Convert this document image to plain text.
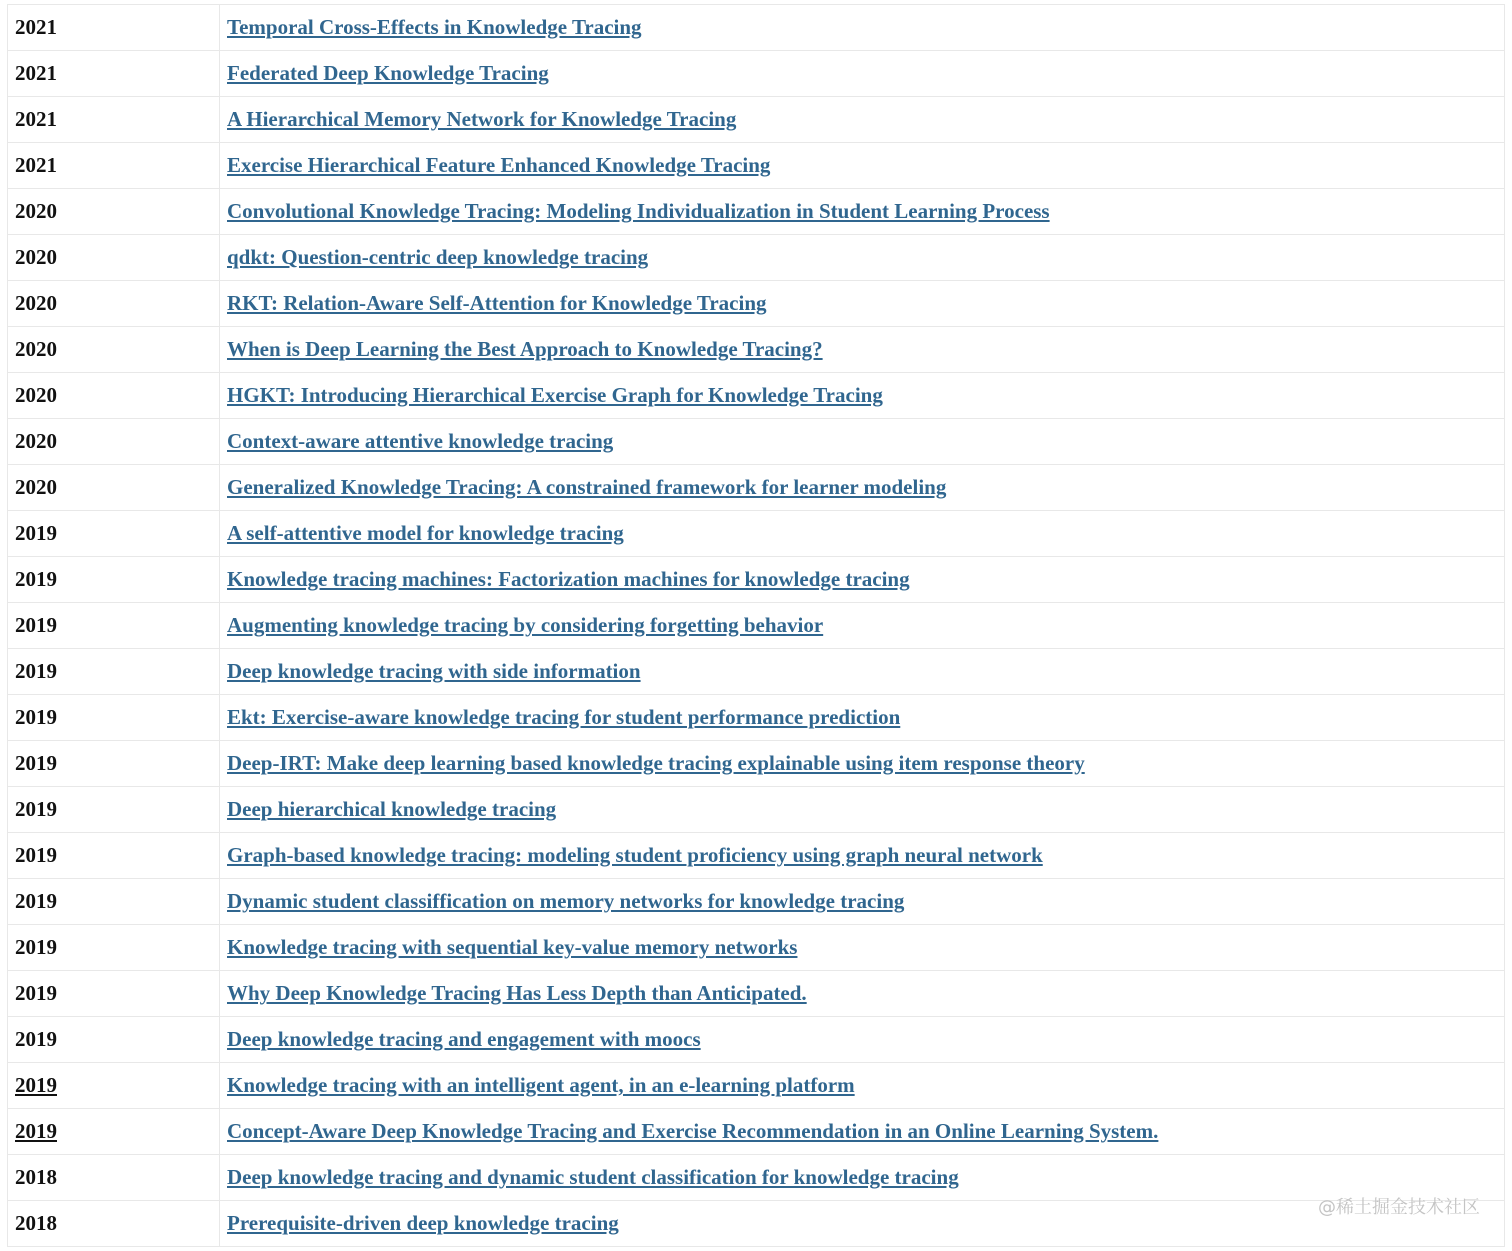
2021	Temporal Cross-Effects in Knowledge Tracing
2021	Federated Deep Knowledge Tracing
2021	A Hierarchical Memory Network for Knowledge Tracing
2021	Exercise Hierarchical Feature Enhanced Knowledge Tracing
2020	Convolutional Knowledge Tracing: Modeling Individualization in Student Learning Process
2020	qdkt: Question-centric deep knowledge tracing
2020	RKT: Relation-Aware Self-Attention for Knowledge Tracing
2020	When is Deep Learning the Best Approach to Knowledge Tracing?
2020	HGKT: Introducing Hierarchical Exercise Graph for Knowledge Tracing
2020	Context-aware attentive knowledge tracing
2020	Generalized Knowledge Tracing: A constrained framework for learner modeling
2019	A self-attentive model for knowledge tracing
2019	Knowledge tracing machines: Factorization machines for knowledge tracing
2019	Augmenting knowledge tracing by considering forgetting behavior
2019	Deep knowledge tracing with side information
2019	Ekt: Exercise-aware knowledge tracing for student performance prediction
2019	Deep-IRT: Make deep learning based knowledge tracing explainable using item response theory
2019	Deep hierarchical knowledge tracing
2019	Graph-based knowledge tracing: modeling student proficiency using graph neural network
2019	Dynamic student classiffication on memory networks for knowledge tracing
2019	Knowledge tracing with sequential key-value memory networks
2019	Why Deep Knowledge Tracing Has Less Depth than Anticipated.
2019	Deep knowledge tracing and engagement with moocs
2019	Knowledge tracing with an intelligent agent, in an e-learning platform
2019	Concept-Aware Deep Knowledge Tracing and Exercise Recommendation in an Online Learning System.
2018	Deep knowledge tracing and dynamic student classification for knowledge tracing
2018	Prerequisite-driven deep knowledge tracing
@稀土掘金技术社区
